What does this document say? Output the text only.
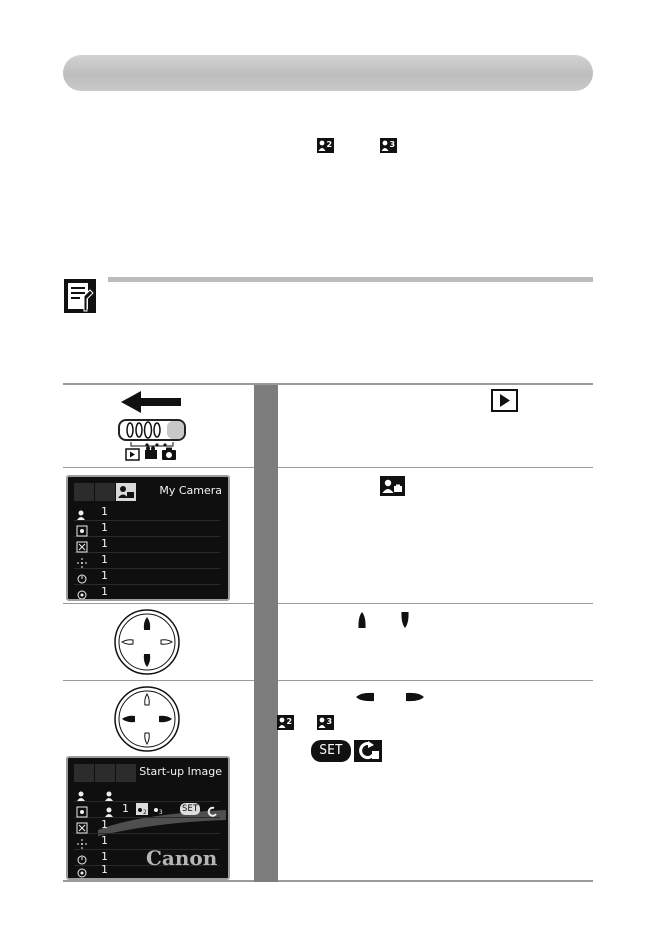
2	3
My Camera
1
1
1
1
1
1
2	3
SET
Start-up Image
1 2 3 SET
1
1
1
1 Canon
